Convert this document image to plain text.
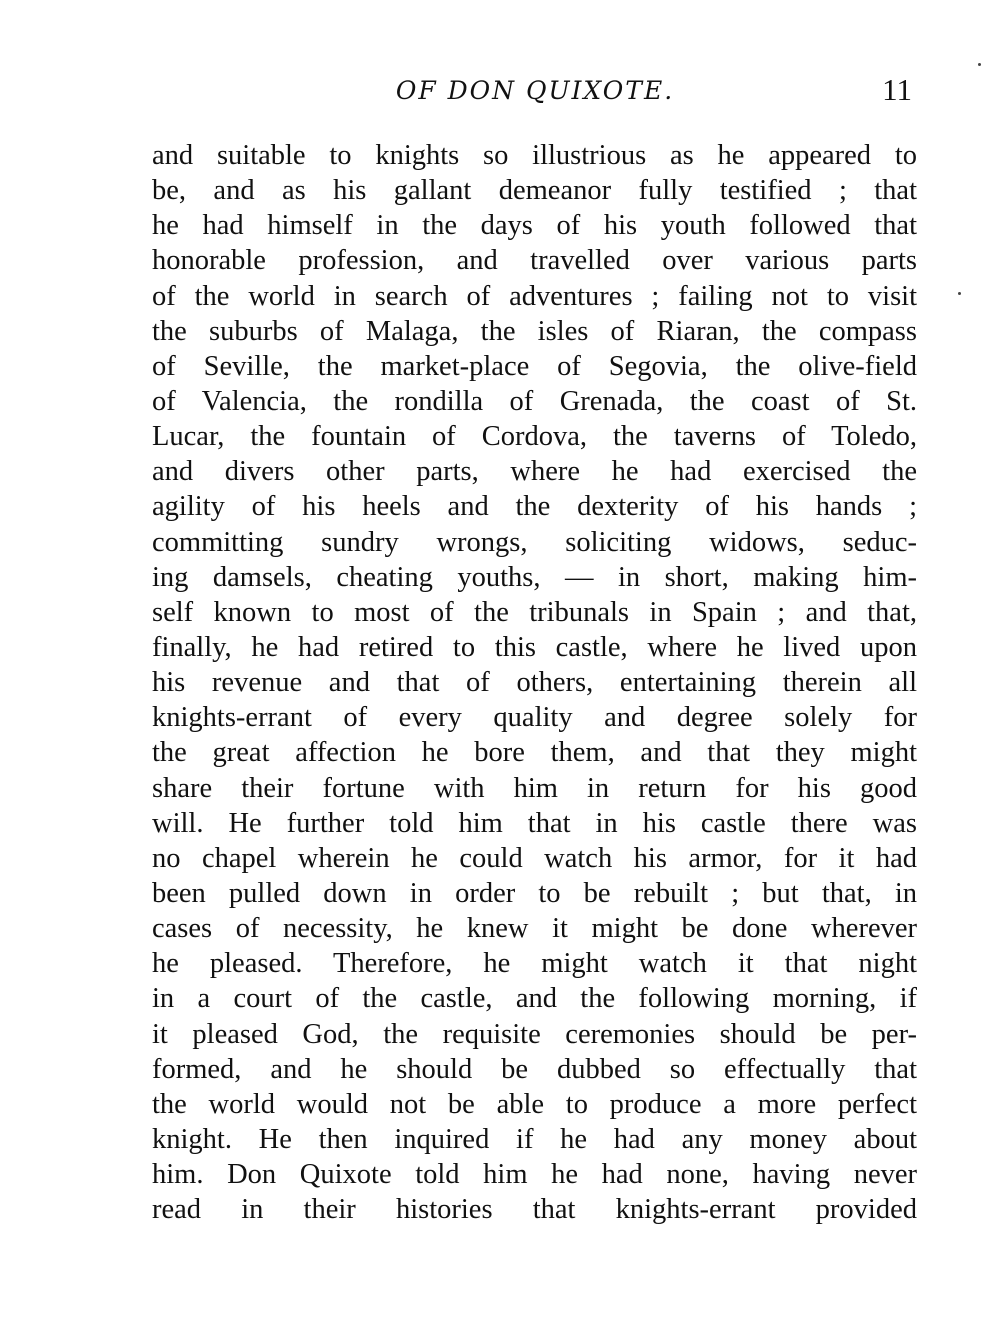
OF DON QUIXOTE.	11
and suitable to knights so illustrious as he appeared to
be, and as his gallant demeanor fully testified ; that
he had himself in the days of his youth followed that
honorable profession, and travelled over various parts
of the world in search of adventures ; failing not to visit
the suburbs of Malaga, the isles of Riaran, the compass
of Seville, the market-place of Segovia, the olive-field
of Valencia, the rondilla of Grenada, the coast of St.
Lucar, the fountain of Cordova, the taverns of Toledo,
and divers other parts, where he had exercised the
agility of his heels and the dexterity of his hands ;
committing sundry wrongs, soliciting widows, seduc-
ing damsels, cheating youths, — in short, making him-
self known to most of the tribunals in Spain ; and that,
finally, he had retired to this castle, where he lived upon
his revenue and that of others, entertaining therein all
knights-errant of every quality and degree solely for
the great affection he bore them, and that they might
share their fortune with him in return for his good
will. He further told him that in his castle there was
no chapel wherein he could watch his armor, for it had
been pulled down in order to be rebuilt ; but that, in
cases of necessity, he knew it might be done wherever
he pleased. Therefore, he might watch it that night
in a court of the castle, and the following morning, if
it pleased God, the requisite ceremonies should be per-
formed, and he should be dubbed so effectually that
the world would not be able to produce a more perfect
knight. He then inquired if he had any money about
him. Don Quixote told him he had none, having never
read in their histories that knights-errant provided
